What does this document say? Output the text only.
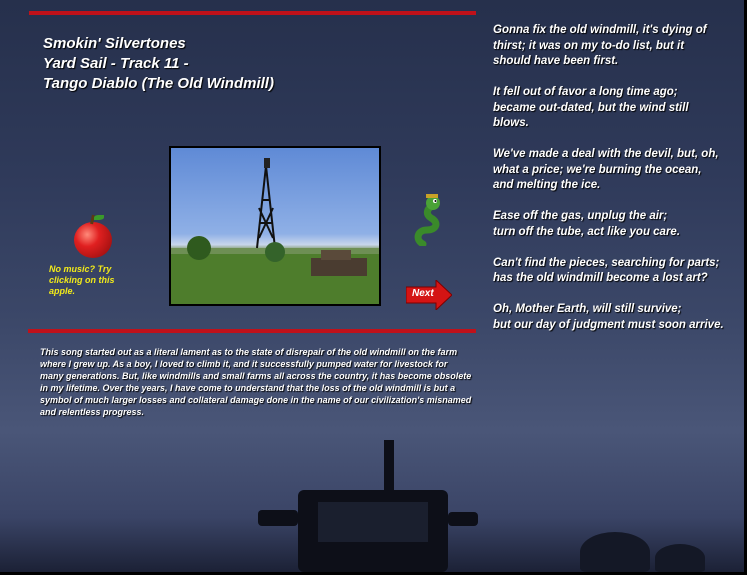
Smokin' Silvertones
Yard Sail - Track 11 -
Tango Diablo (The Old Windmill)
No music? Try clicking on this apple.	Next

Gonna fix the old windmill, it's dying of
thirst; it was on my to-do list, but it
should have been first.

It fell out of favor a long time ago;
became out-dated, but the wind still
blows.

We've made a deal with the devil, but, oh,
what a price; we're burning the ocean,
and melting the ice.

Ease off the gas, unplug the air;
turn off the tube, act like you care.

Can't find the pieces, searching for parts;
has the old windmill become a lost art?

Oh, Mother Earth, will still survive;
but our day of judgment must soon arrive.

This song started out as a literal lament as to the state of disrepair of the old windmill on the farm where I grew up. As a boy, I loved to climb it, and it successfully pumped water for livestock for many generations. But, like windmills and small farms all across the country, it has become obsolete in my lifetime. Over the years, I have come to understand that the loss of the old windmill is but a symbol of much larger losses and collateral damage done in the name of our civilization's misnamed and relentless progress.
